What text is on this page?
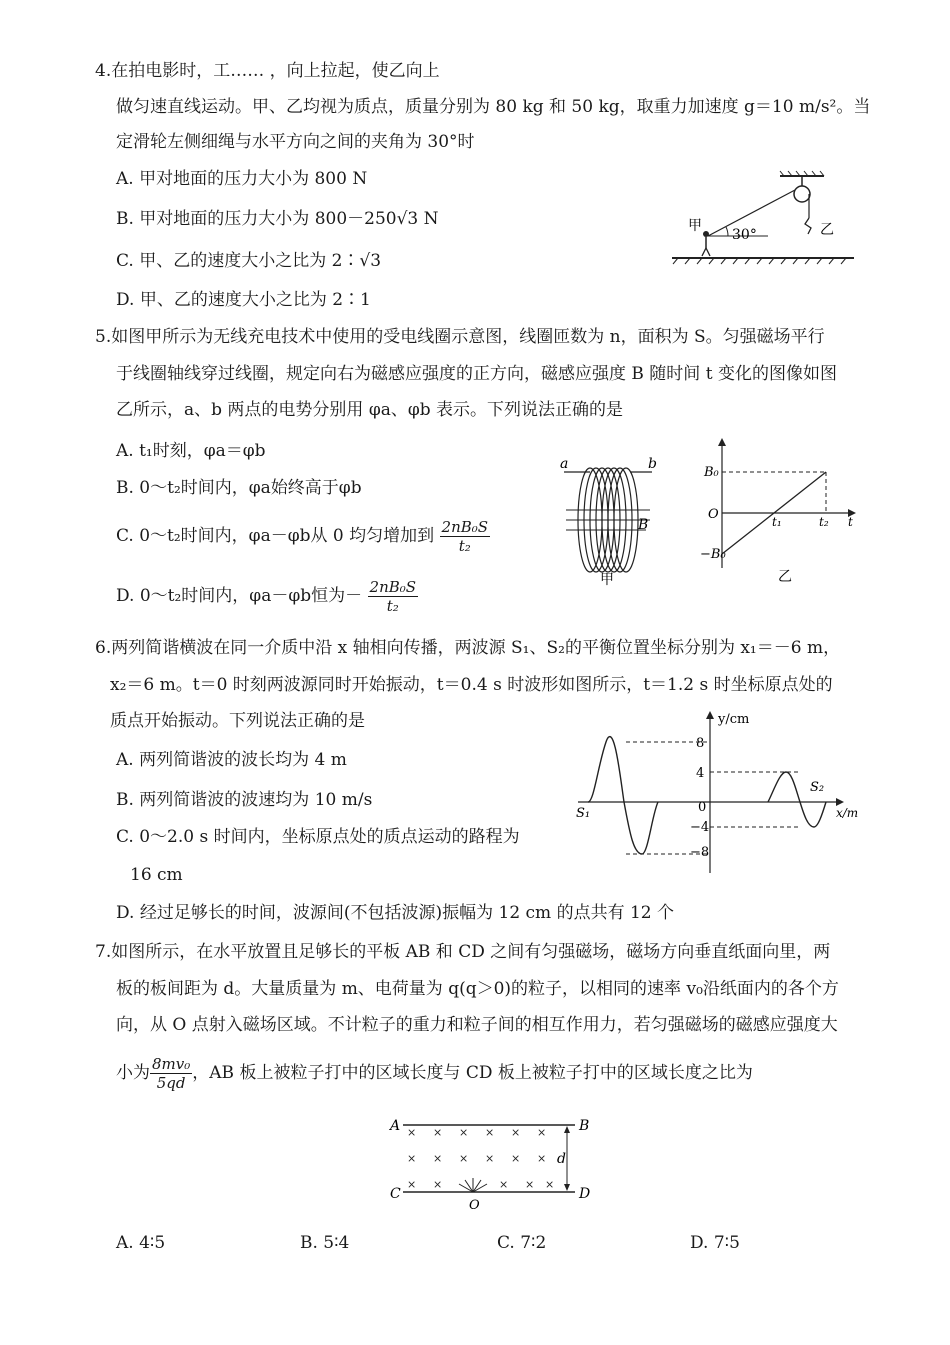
4.在拍电影时，工…… ，向上拉起，使乙向上
做匀速直线运动。甲、乙均视为质点，质量分别为 80 kg 和 50 kg，取重力加速度 g＝10 m/s²。当
定滑轮左侧细绳与水平方向之间的夹角为 30°时
A. 甲对地面的压力大小为 800 N
B. 甲对地面的压力大小为 800－250√3 N
C. 甲、乙的速度大小之比为 2∶√3
D. 甲、乙的速度大小之比为 2∶1
乙
甲
30°
5.如图甲所示为无线充电技术中使用的受电线圈示意图，线圈匝数为 n，面积为 S。匀强磁场平行
于线圈轴线穿过线圈，规定向右为磁感应强度的正方向，磁感应强度 B 随时间 t 变化的图像如图
乙所示，a、b 两点的电势分别用 φa、φb 表示。下列说法正确的是
A. t₁时刻，φa＝φb
B. 0～t₂时间内，φa始终高于φb
C. 0～t₂时间内，φa－φb从 0 均匀增加到 $\frac{\text{2nB₀S}}{\text{t₂}}$
D. 0～t₂时间内，φa－φb恒为－ $\frac{\text{2nB₀S}}{\text{t₂}}$
a	b
B
甲
B₀
O
−B₀
t₁	t₂ t
乙
6.两列简谐横波在同一介质中沿 x 轴相向传播，两波源 S₁、S₂的平衡位置坐标分别为 x₁＝－6 m，
x₂＝6 m。t＝0 时刻两波源同时开始振动，t＝0.4 s 时波形如图所示，t＝1.2 s 时坐标原点处的
质点开始振动。下列说法正确的是
A. 两列简谐波的波长均为 4 m
B. 两列简谐波的波速均为 10 m/s
C. 0～2.0 s 时间内，坐标原点处的质点运动的路程为
16 cm
D. 经过足够长的时间，波源间(不包括波源)振幅为 12 cm 的点共有 12 个
y/cm
x/m
8
4
0
−4
−8
S₁
S₂
7.如图所示，在水平放置且足够长的平板 AB 和 CD 之间有匀强磁场，磁场方向垂直纸面向里，两
板的板间距为 d。大量质量为 m、电荷量为 q(q＞0)的粒子，以相同的速率 v₀沿纸面内的各个方
向，从 O 点射入磁场区域。不计粒子的重力和粒子间的相互作用力，若匀强磁场的磁感应强度大
小为 $\frac{\text{8mv₀}}{5qd}$ ，AB 板上被粒子打中的区域长度与 CD 板上被粒子打中的区域长度之比为
A	B
C	D
d
× × × × × ×
× × × × × ×
× ×	× × ×
O
A. 4∶5	B. 5∶4	C. 7∶2	D. 7∶5
